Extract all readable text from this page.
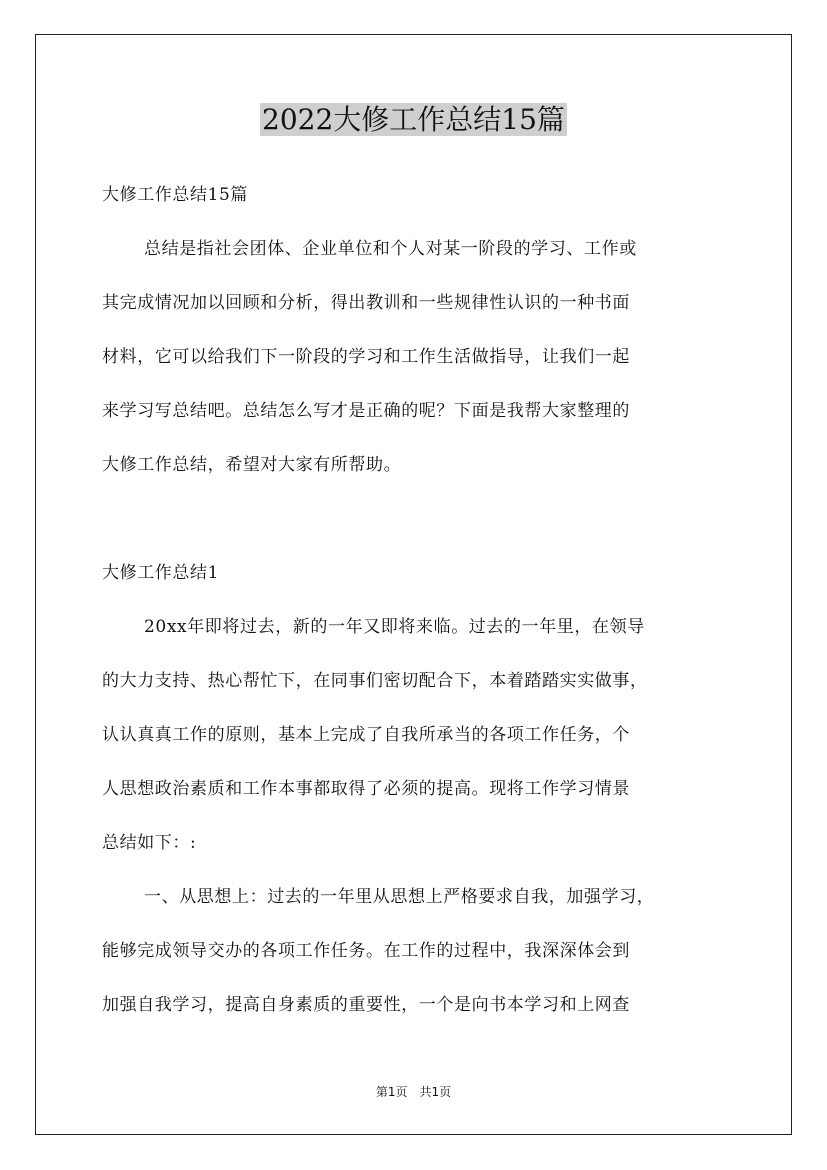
2022大修工作总结15篇
大修工作总结15篇
总结是指社会团体、企业单位和个人对某一阶段的学习、工作或
其完成情况加以回顾和分析，得出教训和一些规律性认识的一种书面
材料，它可以给我们下一阶段的学习和工作生活做指导，让我们一起
来学习写总结吧。总结怎么写才是正确的呢？下面是我帮大家整理的
大修工作总结，希望对大家有所帮助。
大修工作总结1
20xx年即将过去，新的一年又即将来临。过去的一年里，在领导
的大力支持、热心帮忙下，在同事们密切配合下，本着踏踏实实做事，
认认真真工作的原则，基本上完成了自我所承当的各项工作任务，个
人思想政治素质和工作本事都取得了必须的提高。现将工作学习情景
总结如下：:
一、从思想上：过去的一年里从思想上严格要求自我，加强学习，
能够完成领导交办的各项工作任务。在工作的过程中，我深深体会到
加强自我学习，提高自身素质的重要性，一个是向书本学习和上网查
第1页　共1页
